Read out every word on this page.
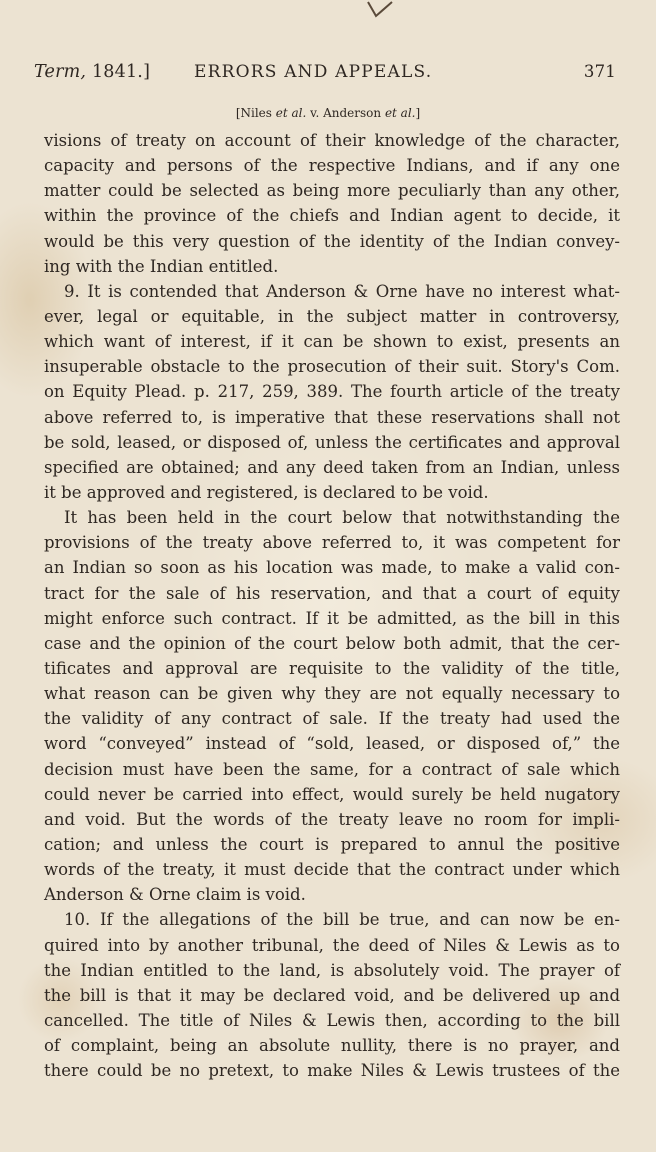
Term, 1841.]	ERRORS AND APPEALS.	371
[Niles et al. v. Anderson et al.]
visions of treaty on account of their knowledge of the character,
capacity and persons of the respective Indians, and if any one
matter could be selected as being more peculiarly than any other,
within the province of the chiefs and Indian agent to decide, it
would be this very question of the identity of the Indian convey-
ing with the Indian entitled.
9. It is contended that Anderson & Orne have no interest what-
ever, legal or equitable, in the subject matter in controversy,
which want of interest, if it can be shown to exist, presents an
insuperable obstacle to the prosecution of their suit. Story's Com.
on Equity Plead. p. 217, 259, 389. The fourth article of the treaty
above referred to, is imperative that these reservations shall not
be sold, leased, or disposed of, unless the certificates and approval
specified are obtained; and any deed taken from an Indian, unless
it be approved and registered, is declared to be void.
It has been held in the court below that notwithstanding the
provisions of the treaty above referred to, it was competent for
an Indian so soon as his location was made, to make a valid con-
tract for the sale of his reservation, and that a court of equity
might enforce such contract. If it be admitted, as the bill in this
case and the opinion of the court below both admit, that the cer-
tificates and approval are requisite to the validity of the title,
what reason can be given why they are not equally necessary to
the validity of any contract of sale. If the treaty had used the
word “conveyed” instead of “sold, leased, or disposed of,” the
decision must have been the same, for a contract of sale which
could never be carried into effect, would surely be held nugatory
and void. But the words of the treaty leave no room for impli-
cation; and unless the court is prepared to annul the positive
words of the treaty, it must decide that the contract under which
Anderson & Orne claim is void.
10. If the allegations of the bill be true, and can now be en-
quired into by another tribunal, the deed of Niles & Lewis as to
the Indian entitled to the land, is absolutely void. The prayer of
the bill is that it may be declared void, and be delivered up and
cancelled. The title of Niles & Lewis then, according to the bill
of complaint, being an absolute nullity, there is no prayer, and
there could be no pretext, to make Niles & Lewis trustees of the
